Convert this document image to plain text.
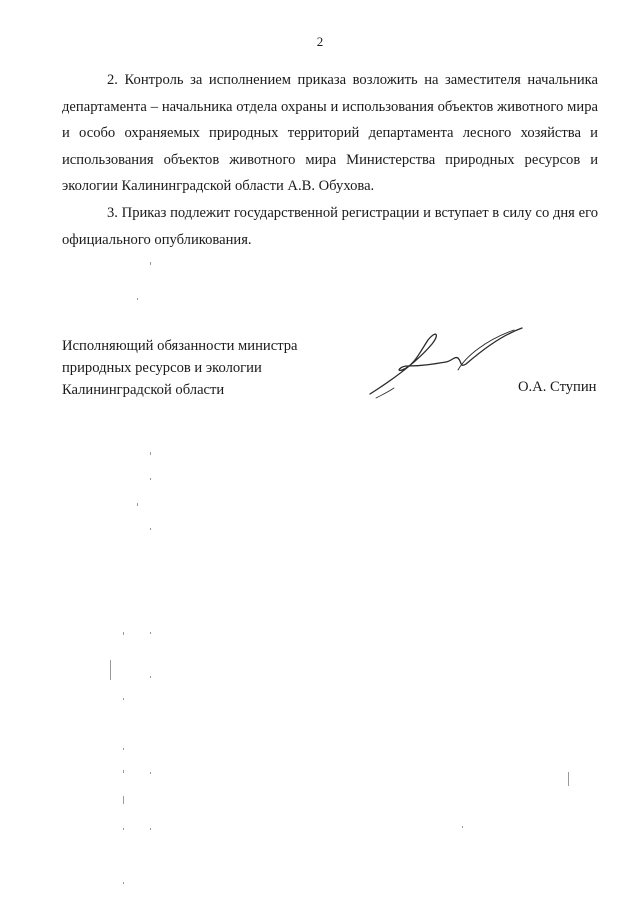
2

2. Контроль за исполнением приказа возложить на заместителя начальника департамента – начальника отдела охраны и использования объектов животного мира и особо охраняемых природных территорий департамента лесного хозяйства и использования объектов животного мира Министерства природных ресурсов и экологии Калининградской области А.В. Обухова.

3. Приказ подлежит государственной регистрации и вступает в силу со дня его официального опубликования.

Исполняющий обязанности министра
природных ресурсов и экологии
Калининградской области	О.А. Ступин
